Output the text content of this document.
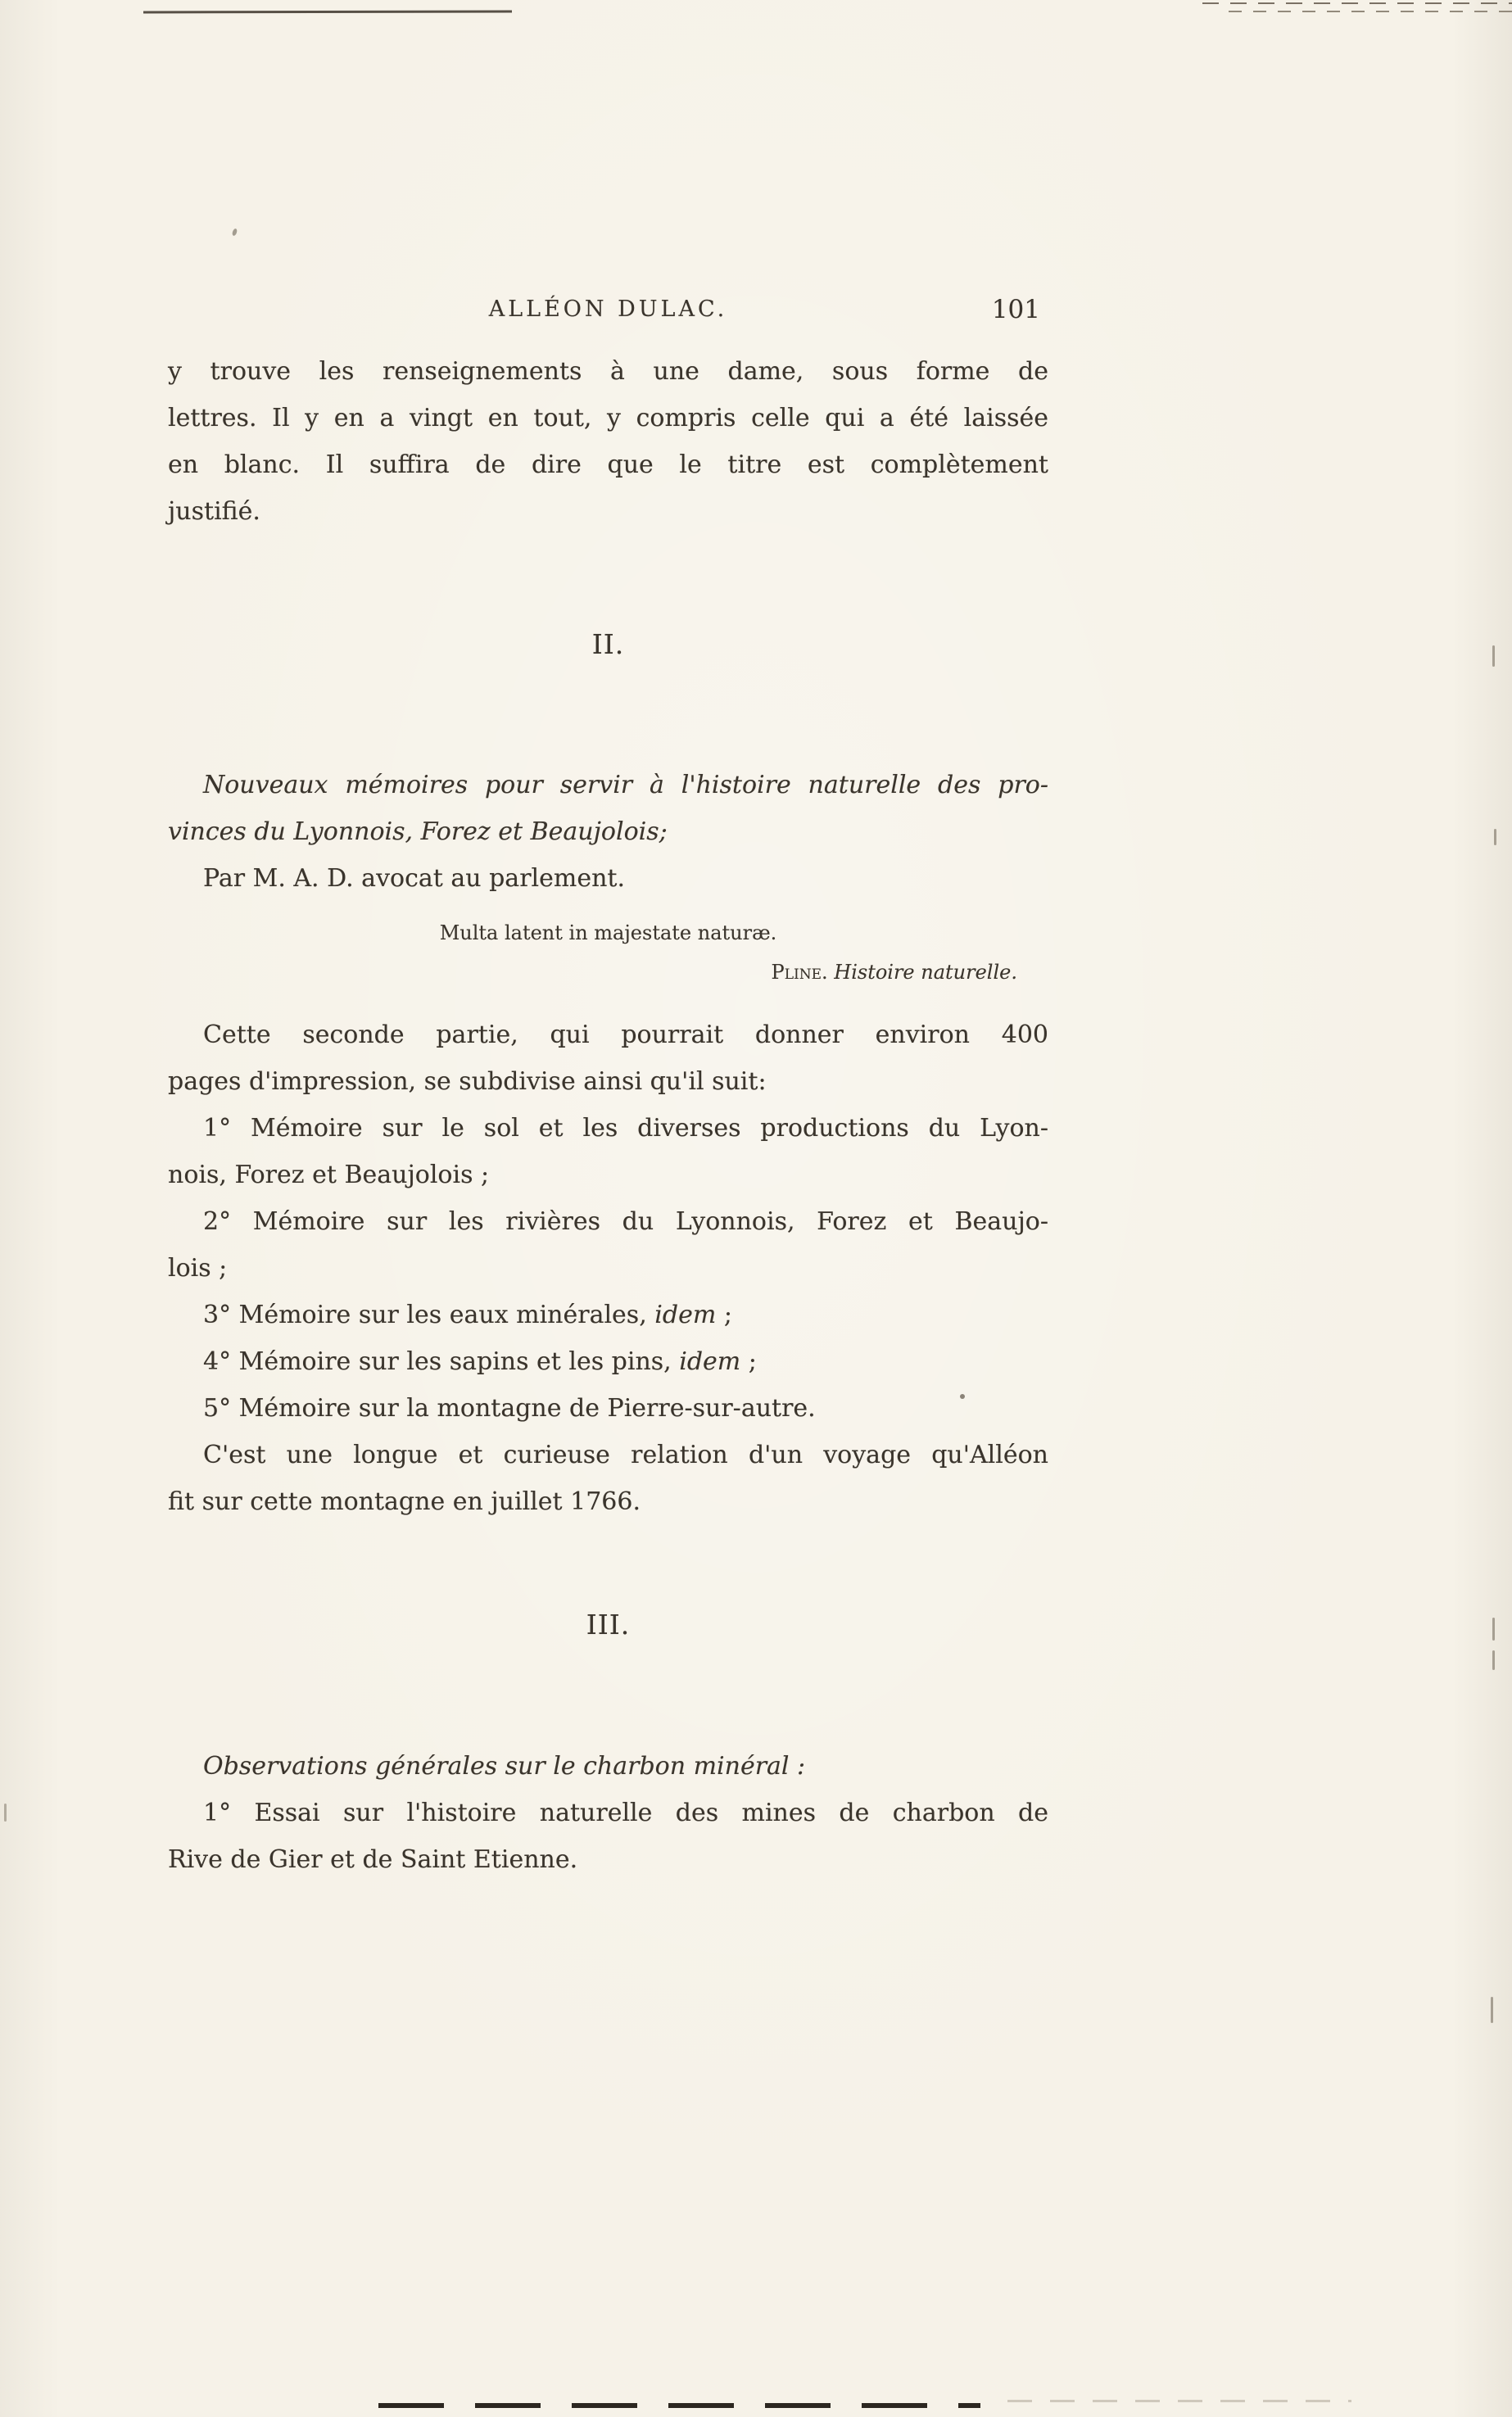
ALLÉON DULAC.	101
y trouve les renseignements à une dame, sous forme de
lettres. Il y en a vingt en tout, y compris celle qui a été laissée
en blanc. Il suffira de dire que le titre est complètement
justifié.
II.
Nouveaux mémoires pour servir à l'histoire naturelle des pro-
vinces du Lyonnois, Forez et Beaujolois;
Par M. A. D. avocat au parlement.
Multa latent in majestate naturæ.
Pline. Histoire naturelle.
Cette seconde partie, qui pourrait donner environ 400
pages d'impression, se subdivise ainsi qu'il suit:
1° Mémoire sur le sol et les diverses productions du Lyon-
nois, Forez et Beaujolois ;
2° Mémoire sur les rivières du Lyonnois, Forez et Beaujo-
lois ;
3° Mémoire sur les eaux minérales, idem ;
4° Mémoire sur les sapins et les pins, idem ;
5° Mémoire sur la montagne de Pierre-sur-autre.
C'est une longue et curieuse relation d'un voyage qu'Alléon
fit sur cette montagne en juillet 1766.
III.
Observations générales sur le charbon minéral :
1° Essai sur l'histoire naturelle des mines de charbon de
Rive de Gier et de Saint Etienne.
